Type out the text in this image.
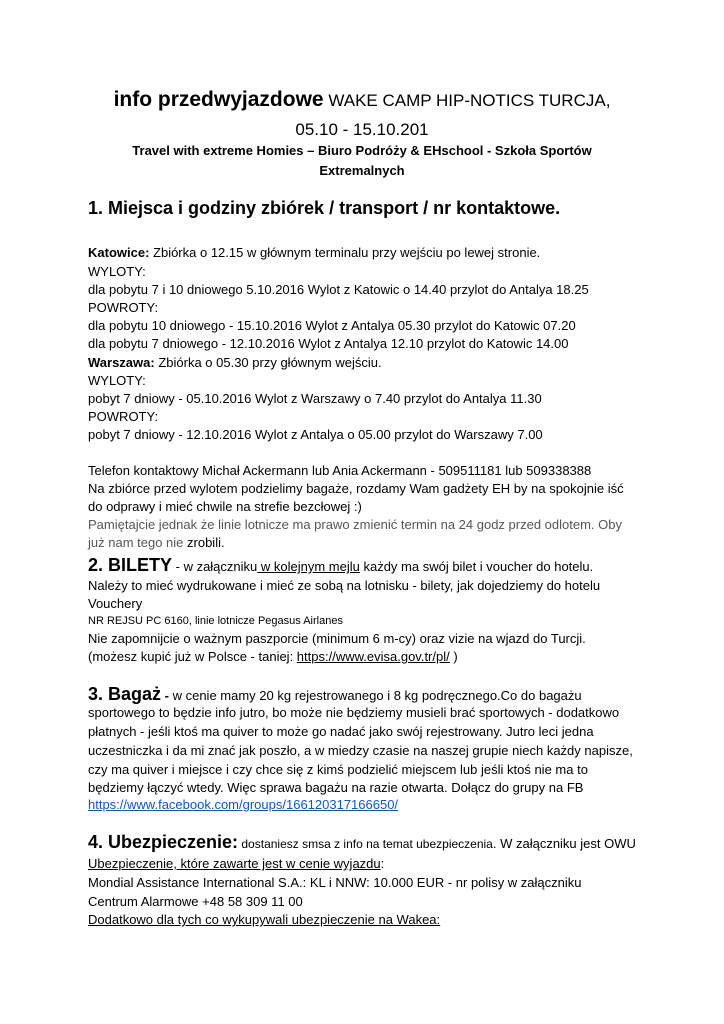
info przedwyjazdowe WAKE CAMP HIP-NOTICS TURCJA,
05.10 - 15.10.201
Travel with extreme Homies – Biuro Podróży & EHschool - Szkoła Sportów
Extremalnych
1. Miejsca i godziny zbiórek / transport / nr kontaktowe.
Katowice: Zbiórka o 12.15 w głównym terminalu przy wejściu po lewej stronie.
WYLOTY:
dla pobytu 7 i 10 dniowego 5.10.2016 Wylot z Katowic o 14.40 przylot do Antalya 18.25
POWROTY:
dla pobytu 10 dniowego - 15.10.2016 Wylot z Antalya 05.30 przylot do Katowic 07.20
dla pobytu 7 dniowego - 12.10.2016 Wylot z Antalya 12.10 przylot do Katowic 14.00
Warszawa: Zbiórka o 05.30 przy głównym wejściu.
WYLOTY:
pobyt 7 dniowy - 05.10.2016 Wylot z Warszawy o 7.40 przylot do Antalya 11.30
POWROTY:
pobyt 7 dniowy - 12.10.2016 Wylot z Antalya o 05.00 przylot do Warszawy 7.00
Telefon kontaktowy Michał Ackermann lub Ania Ackermann - 509511181 lub 509338388
Na zbiórce przed wylotem podzielimy bagaże, rozdamy Wam gadżety EH by na spokojnie iść
do odprawy i mieć chwile na strefie bezcłowej :)
Pamiętajcie jednak że linie lotnicze ma prawo zmienić termin na 24 godz przed odlotem. Oby
już nam tego nie zrobili.
2. BILETY - w załączniku w kolejnym mejlu każdy ma swój bilet i voucher do hotelu.
Należy to mieć wydrukowane i mieć ze sobą na lotnisku - bilety, jak dojedziemy do hotelu
Vouchery
NR REJSU PC 6160, linie lotnicze Pegasus Airlanes
Nie zapomnijcie o ważnym paszporcie (minimum 6 m-cy) oraz vizie na wjazd do Turcji.
(możesz kupić już w Polsce - taniej: https://www.evisa.gov.tr/pl/ )
3. Bagaż - w cenie mamy 20 kg rejestrowanego i 8 kg podręcznego.Co do bagażu
sportowego to będzie info jutro, bo może nie będziemy musieli brać sportowych - dodatkowo
płatnych - jeśli ktoś ma quiver to może go nadać jako swój rejestrowany. Jutro leci jedna
uczestniczka i da mi znać jak poszło, a w miedzy czasie na naszej grupie niech każdy napisze,
czy ma quiver i miejsce i czy chce się z kimś podzielić miejscem lub jeśli ktoś nie ma to
będziemy łączyć wtedy. Więc sprawa bagażu na razie otwarta. Dołącz do grupy na FB
https://www.facebook.com/groups/166120317166650/
4. Ubezpieczenie: dostaniesz smsa z info na temat ubezpieczenia. W załączniku jest OWU
Ubezpieczenie, które zawarte jest w cenie wyjazdu:
Mondial Assistance International S.A.: KL i NNW: 10.000 EUR - nr polisy w załączniku
Centrum Alarmowe +48 58 309 11 00
Dodatkowo dla tych co wykupywali ubezpieczenie na Wakea:
